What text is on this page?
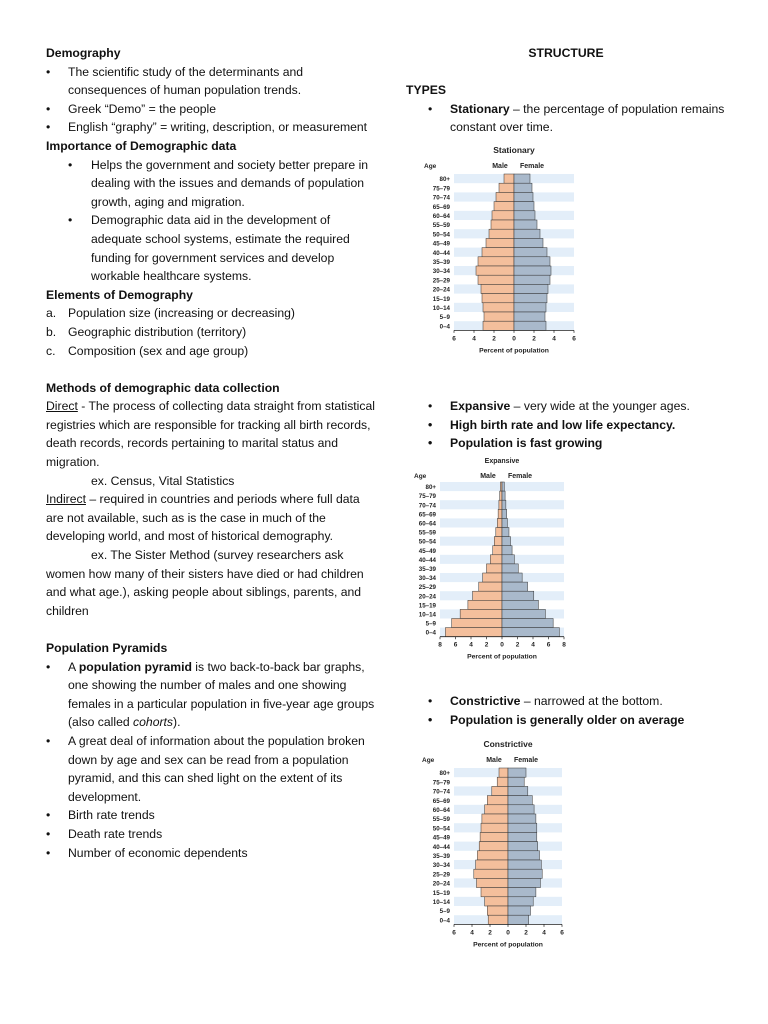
Demography

• The scientific study of the determinants and consequences of human population trends.
• Greek “Demo” = the people
• English “graphy” = writing, description, or measurement

Importance of Demographic data

• Helps the government and society better prepare in dealing with the issues and demands of population growth, aging and migration.
• Demographic data aid in the development of adequate school systems, estimate the required funding for government services and develop workable healthcare systems.

Elements of Demography

a. Population size (increasing or decreasing)
b. Geographic distribution (territory)
c. Composition (sex and age group)

Methods of demographic data collection

Direct - The process of collecting data straight from statistical registries which are responsible for tracking all birth records, death records, records pertaining to marital status and migration.

ex. Census, Vital Statistics

Indirect – required in countries and periods where full data are not available, such as is the case in much of the developing world, and most of historical demography.

ex. The Sister Method (survey researchers ask women how many of their sisters have died or had children and what age.), asking people about siblings, parents, and children

Population Pyramids

• A population pyramid is two back-to-back bar graphs, one showing the number of males and one showing females in a particular population in five-year age groups (also called cohorts).
• A great deal of information about the population broken down by age and sex can be read from a population pyramid, and this can shed light on the extent of its development.
• Birth rate trends
• Death rate trends
• Number of economic dependents

STRUCTURE

TYPES

• Stationary – the percentage of population remains constant over time.
• Expansive – very wide at the younger ages.
• High birth rate and low life expectancy.
• Population is fast growing
• Constrictive – narrowed at the bottom.
• Population is generally older on average
Stationary
Age	Male Female
80+
75–79
70–74
65–69
60–64
55–59
50–54
45–49
40–44
35–39
30–34
25–29
20–24
15–19
10–14
5–9
0–4
6	4	2	0	2	4	6
Percent of population
Expansive
Age	Male Female
80+
75–79
70–74
65–69
60–64
55–59
50–54
45–49
40–44
35–39
30–34
25–29
20–24
15–19
10–14
5–9
0–4
8 6 4 2 0 2 4 6 8
Percent of population
Constrictive
Age	Male Female
80+
75–79
70–74
65–69
60–64
55–59
50–54
45–49
40–44
35–39
30–34
25–29
20–24
15–19
10–14
5–9
0–4
6 4 2 0 2 4 6
Percent of population
